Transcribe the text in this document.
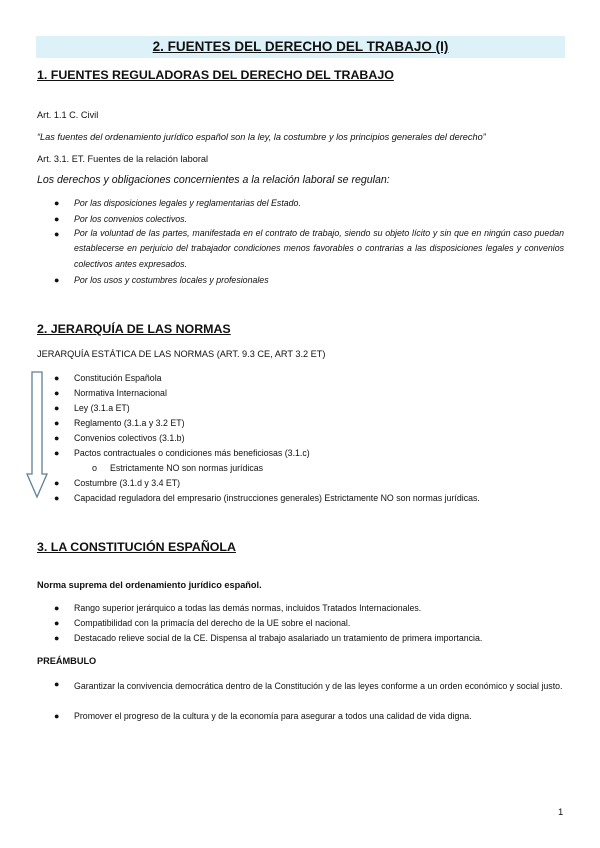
2. FUENTES DEL DERECHO DEL TRABAJO (I)
1. FUENTES REGULADORAS DEL DERECHO DEL TRABAJO
Art. 1.1 C. Civil
“Las fuentes del ordenamiento jurídico español son la ley, la costumbre y los principios generales del derecho”
Art. 3.1. ET. Fuentes de la relación laboral
Los derechos y obligaciones concernientes a la relación laboral se regulan:
● Por las disposiciones legales y reglamentarias del Estado.
● Por los convenios colectivos.
● Por la voluntad de las partes, manifestada en el contrato de trabajo, siendo su objeto lícito y sin que en ningún caso puedan establecerse en perjuicio del trabajador condiciones menos favorables o contrarias a las disposiciones legales y convenios colectivos antes expresados.
● Por los usos y costumbres locales y profesionales
2. JERARQUÍA DE LAS NORMAS
JERARQUÍA ESTÁTICA DE LAS NORMAS (ART. 9.3 CE, ART 3.2 ET)
● Constitución Española
● Normativa Internacional
● Ley (3.1.a ET)
● Reglamento (3.1.a y 3.2 ET)
● Convenios colectivos (3.1.b)
● Pactos contractuales o condiciones más beneficiosas (3.1.c)
o Estrictamente NO son normas jurídicas
● Costumbre (3.1.d y 3.4 ET)
● Capacidad reguladora del empresario (instrucciones generales) Estrictamente NO son normas jurídicas.
3. LA CONSTITUCIÓN ESPAÑOLA
Norma suprema del ordenamiento jurídico español.
● Rango superior jerárquico a todas las demás normas, incluidos Tratados Internacionales.
● Compatibilidad con la primacía del derecho de la UE sobre el nacional.
● Destacado relieve social de la CE. Dispensa al trabajo asalariado un tratamiento de primera importancia.
PREÁMBULO
● Garantizar la convivencia democrática dentro de la Constitución y de las leyes conforme a un orden económico y social justo.
● Promover el progreso de la cultura y de la economía para asegurar a todos una calidad de vida digna.
1
